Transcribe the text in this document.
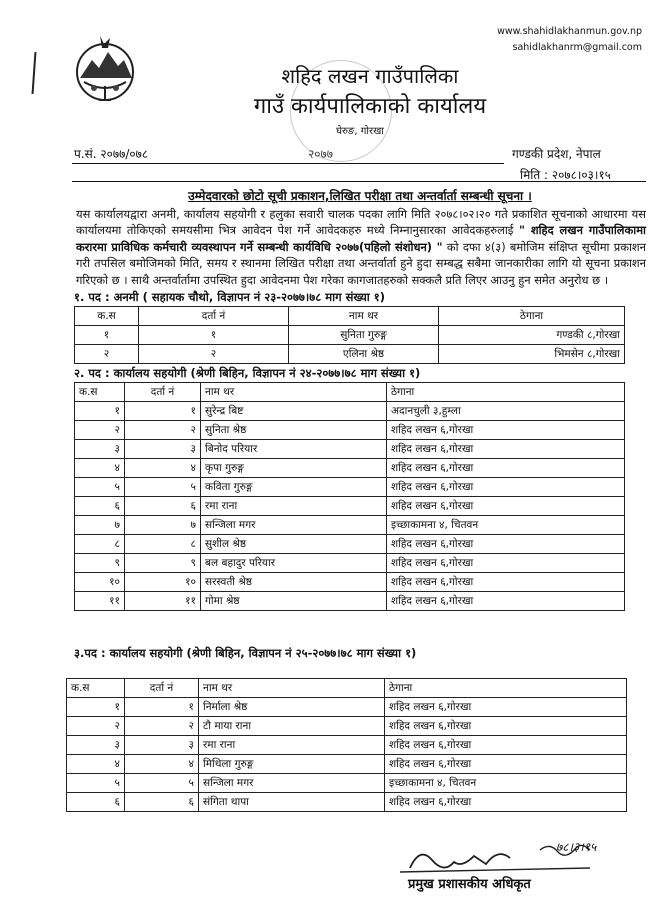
www.shahidlakhanmun.gov.np
sahidlakhanrm@gmail.com
शहिद लखन गाउँपालिका
गाउँ कार्यपालिकाको कार्यालय
घेरुङ, गोरखा
प.सं. २०७७/०७८	२०७७	गण्डकी प्रदेश, नेपाल
मिति : २०७८।०३।१५
उम्मेदवारको छोटो सूची प्रकाशन,लिखित परीक्षा तथा अन्तर्वार्ता सम्बन्धी सूचना ।
यस कार्यालयद्वारा अनमी, कार्यालय सहयोगी र हलुका सवारी चालक पदका लागि मिति २०७८।०२।२० गते प्रकाशित सूचनाको आधारमा यस कार्यालयमा तोकिएको समयसीमा भित्र आवेदन पेश गर्ने आवेदकहरु मध्ये निम्नानुसारका आवेदकहरुलाई " शहिद लखन गाउँपालिकामा करारमा प्राविधिक कर्मचारी व्यवस्थापन गर्ने सम्बन्धी कार्यविधि २०७७(पहिलो संशोधन) " को दफा ४(३) बमोजिम संक्षिप्त सूचीमा प्रकाशन गरी तपसिल बमोजिमको मिति, समय र स्थानमा लिखित परीक्षा तथा अन्तर्वार्ता हुने हुदा सम्बद्ध सबैमा जानकारीका लागि यो सूचना प्रकाशन गरिएको छ । साथै अन्तर्वार्तामा उपस्थित हुदा आवेदनमा पेश गरेका कागजातहरुको सक्कलै प्रति लिएर आउनु हुन समेत अनुरोध छ ।
१. पद : अनमी ( सहायक चौथो, विज्ञापन नं २३-२०७७।७८ माग संख्या १)
क.स	दर्ता नं	नाम थर	ठेगाना
१	१	सुनिता गुरुङ्ग	गण्डकी ८,गोरखा
२	२	एलिना श्रेष्ठ	भिमसेन ८,गोरखा
२. पद : कार्यालय सहयोगी (श्रेणी बिहिन, विज्ञापन नं २४-२०७७।७८ माग संख्या १)
क.स	दर्ता नं	नाम थर	ठेगाना
१	१	सुरेन्द्र बिष्ट	अदानचुली ३,हुम्ला
२	२	सुनिता श्रेष्ठ	शहिद लखन ६,गोरखा
३	३	बिनोद परियार	शहिद लखन ६,गोरखा
४	४	कृपा गुरुङ्ग	शहिद लखन ६,गोरखा
५	५	कविता गुरुङ्ग	शहिद लखन ६,गोरखा
६	६	रमा राना	शहिद लखन ६,गोरखा
७	७	सन्जिला मगर	इच्छाकामना ४, चितवन
८	८	सुशील श्रेष्ठ	शहिद लखन ६,गोरखा
९	९	बल बहादुर परियार	शहिद लखन ६,गोरखा
१०	१०	सरस्वती श्रेष्ठ	शहिद लखन ६,गोरखा
११	११	गोमा श्रेष्ठ	शहिद लखन ६,गोरखा
३.पद : कार्यालय सहयोगी (श्रेणी बिहिन, विज्ञापन नं २५-२०७७।७८ माग संख्या १)
क.स	दर्ता नं	नाम थर	ठेगाना
१	१	निर्माला श्रेष्ठ	शहिद लखन ६,गोरखा
२	२	टौ माया राना	शहिद लखन ६,गोरखा
३	३	रमा राना	शहिद लखन ६,गोरखा
४	४	मिथिला गुरुङ्ग	शहिद लखन ६,गोरखा
५	५	सन्जिला मगर	इच्छाकामना ४, चितवन
६	६	संगिता थापा	शहिद लखन ६,गोरखा
७८।३।१५
प्रमुख प्रशासकीय अधिकृत
